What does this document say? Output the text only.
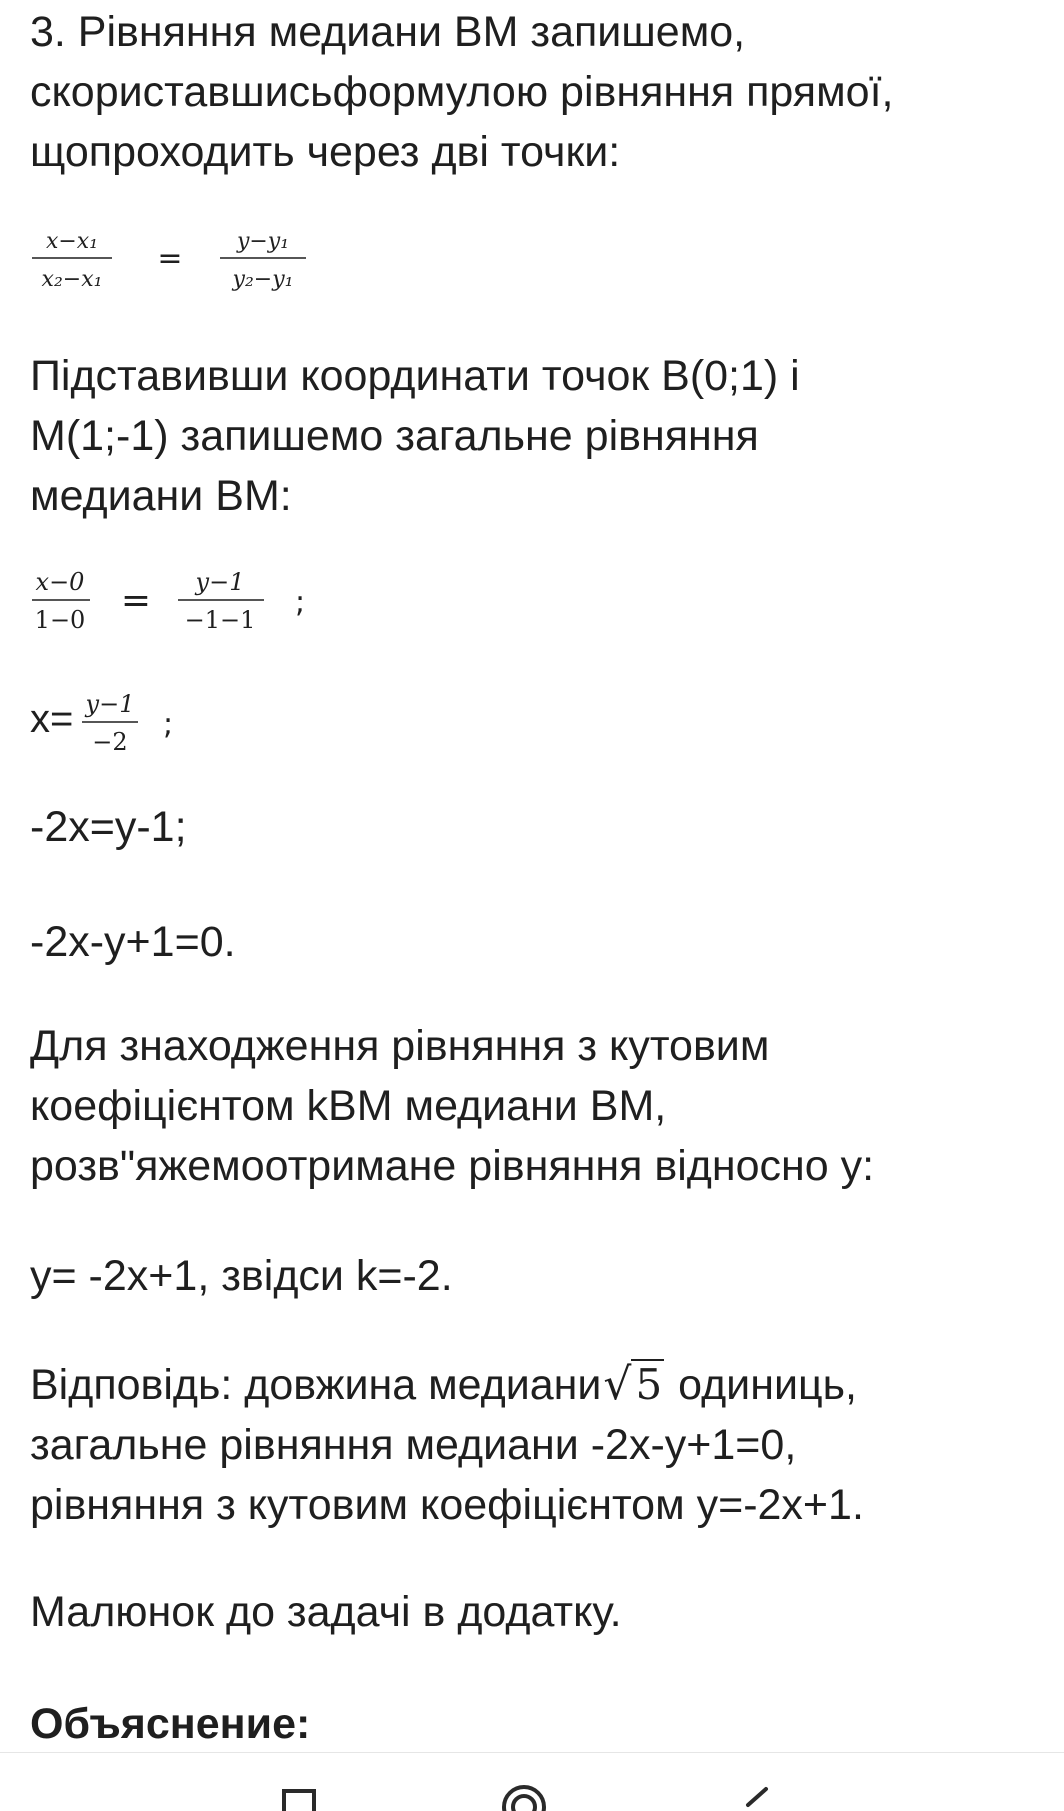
3. Рівняння медиани BM запишемо,
скориставшисьформулою рівняння прямої,
щопроходить через дві точки:
x−x₁
x₂−x₁
= y−y₁
y₂−y₁
Підставивши координати точок B(0;1) і
M(1;-1) запишемо загальне рівняння
медиани BM:
x−0
1−0 = y−1
−1−1 ;
x= y−1
−2 ;
-2x=y-1;
-2x-y+1=0.
Для знаходження рівняння з кутовим
коефіцієнтом kBM медиани BM,
розв"яжемоотримане рівняння відносно y:
y= -2x+1, звідси k=-2.
Відповідь: довжина медиани√5 одиниць,
загальне рівняння медиани -2x-y+1=0,
рівняння з кутовим коефіцієнтом y=-2x+1.
Малюнок до задачі в додатку.
Объяснение:
